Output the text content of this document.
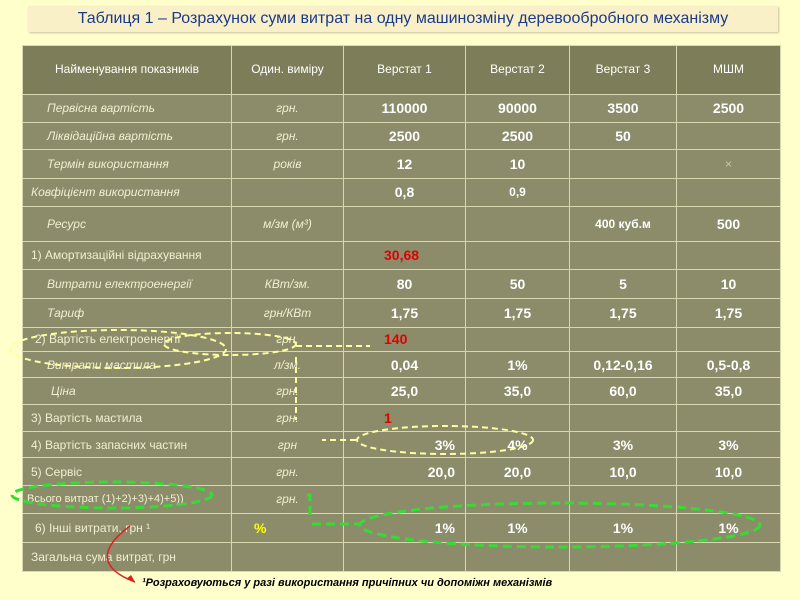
Таблиця 1 – Розрахунок суми витрат на одну машинозміну деревообробного механізму
Найменування показників	Один. виміру	Верстат 1	Верстат 2	Верстат 3	МШМ
Первісна вартість	грн.	110000	90000	3500	2500
Ліквідаційна вартість	грн.	2500	2500	50	
Термін використання	років	12	10		×
Ковфіцієнт використання		0,8	0,9		
Ресурс	м/зм (м³)			400 куб.м	500
1) Амортизаційні відрахування		30,68			
Витрати електроенергії	КВт/зм.	80	50	5	10
Тариф	грн/КВт	1,75	1,75	1,75	1,75
2) Вартість електроенергії	грн.	140			
Витрати мастила	л/зм.	0,04	1%	0,12-0,16	0,5-0,8
Ціна	грн.	25,0	35,0	60,0	35,0
3) Вартість мастила	грн.	1			
4) Вартість запасних частин	грн	3%	4%	3%	3%
5) Сервіс	грн.	20,0	20,0	10,0	10,0
Всього витрат (1)+2)+3)+4)+5))	грн.				
6) Інші витрати, грн ¹	%	1%	1%	1%	1%
Загальна сума витрат, грн					
¹Розраховуються у разі використання причіпних чи допоміжн механізмів
